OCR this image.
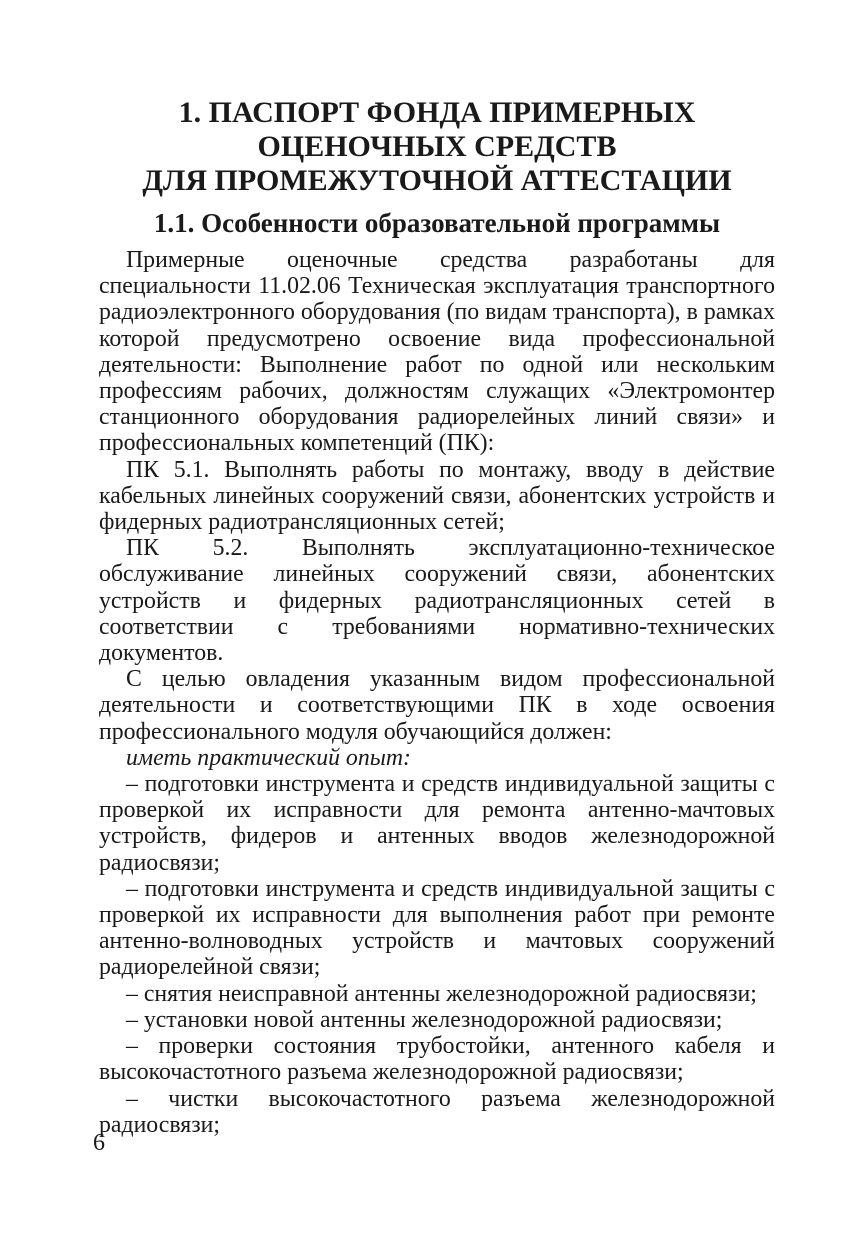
1. ПАСПОРТ ФОНДА ПРИМЕРНЫХ
ОЦЕНОЧНЫХ СРЕДСТВ
ДЛЯ ПРОМЕЖУТОЧНОЙ АТТЕСТАЦИИ
1.1. Особенности образовательной программы

Примерные оценочные средства разработаны для специальности 11.02.06 Техническая эксплуатация транспортного радиоэлектронного оборудования (по видам транспорта), в рамках которой предусмотрено освоение вида профессиональной деятельности: Выполнение работ по одной или нескольким профессиям рабочих, должностям служащих «Электромонтер станционного оборудования радиорелейных линий связи» и профессиональных компетенций (ПК):

ПК 5.1. Выполнять работы по монтажу, вводу в действие кабельных линейных сооружений связи, абонентских устройств и фидерных радиотрансляционных сетей;

ПК 5.2. Выполнять эксплуатационно-техническое обслуживание линейных сооружений связи, абонентских устройств и фидерных радиотрансляционных сетей в соответствии с требованиями нормативно-технических документов.

С целью овладения указанным видом профессиональной деятельности и соответствующими ПК в ходе освоения профессионального модуля обучающийся должен:

иметь практический опыт:

– подготовки инструмента и средств индивидуальной защиты с проверкой их исправности для ремонта антенно-мачтовых устройств, фидеров и антенных вводов железнодорожной радиосвязи;

– подготовки инструмента и средств индивидуальной защиты с проверкой их исправности для выполнения работ при ремонте антенно-волноводных устройств и мачтовых сооружений радиорелейной связи;

– снятия неисправной антенны железнодорожной радиосвязи;

– установки новой антенны железнодорожной радиосвязи;

– проверки состояния трубостойки, антенного кабеля и высокочастотного разъема железнодорожной радиосвязи;

– чистки высокочастотного разъема железнодорожной радиосвязи;

6
